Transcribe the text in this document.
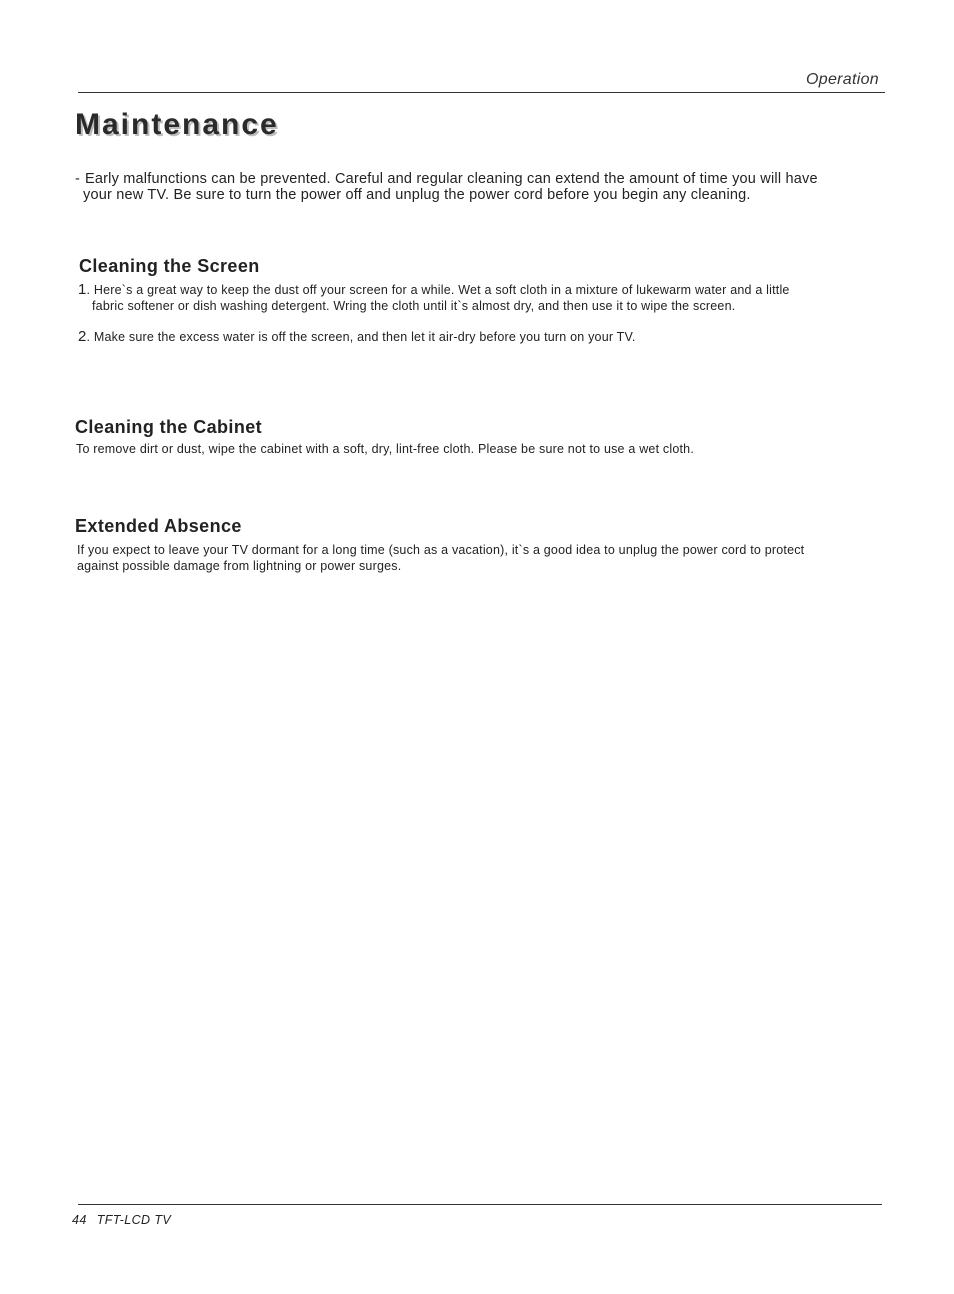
Operation
Maintenance
- Early malfunctions can be prevented. Careful and regular cleaning can extend the amount of time you will have
your new TV. Be sure to turn the power off and unplug the power cord before you begin any cleaning.
Cleaning the Screen
1. Here`s a great way to keep the dust off your screen for a while. Wet a soft cloth in a mixture of lukewarm water and a little
fabric softener or dish washing detergent. Wring the cloth until it`s almost dry, and then use it to wipe the screen.
2. Make sure the excess water is off the screen, and then let it air-dry before you turn on your TV.
Cleaning the Cabinet
To remove dirt or dust, wipe the cabinet with a soft, dry, lint-free cloth. Please be sure not to use a wet cloth.
Extended Absence
If you expect to leave your TV dormant for a long time (such as a vacation), it`s a good idea to unplug the power cord to protect
against possible damage from lightning or power surges.
44 TFT-LCD TV
